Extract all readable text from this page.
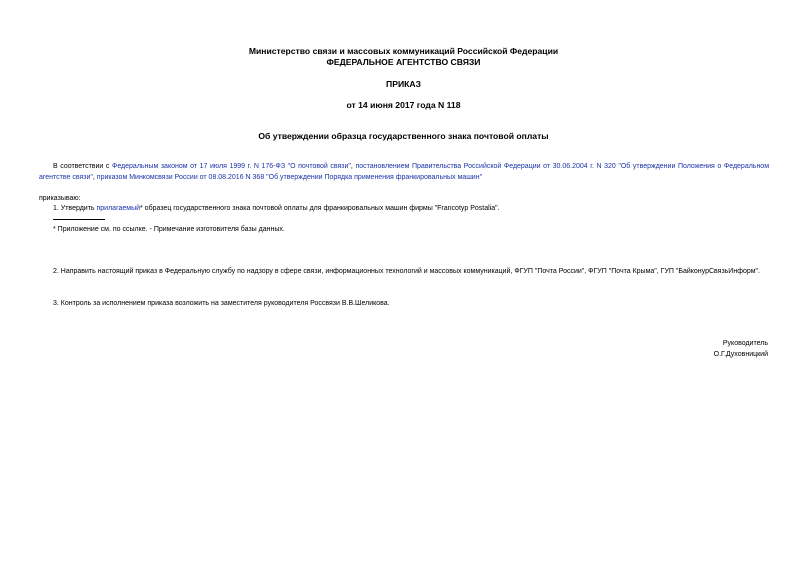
Министерство связи и массовых коммуникаций Российской Федерации
ФЕДЕРАЛЬНОЕ АГЕНТСТВО СВЯЗИ
ПРИКАЗ
от 14 июня 2017 года N 118
Об утверждении образца государственного знака почтовой оплаты
В соответствии с Федеральным законом от 17 июля 1999 г. N 176-ФЗ "О почтовой связи", постановлением Правительства Российской Федерации от 30.06.2004 г. N 320 "Об утверждении Положения о Федеральном агентстве связи", приказом Минкомсвязи России от 08.08.2016 N 368 "Об утверждении Порядка применения франкировальных машин"
приказываю:
1. Утвердить прилагаемый* образец государственного знака почтовой оплаты для франкировальных машин фирмы "Francotyp Postalia".
* Приложение см. по ссылке. - Примечание изготовителя базы данных.
2. Направить настоящий приказ в Федеральную службу по надзору в сфере связи, информационных технологий и массовых коммуникаций, ФГУП "Почта России", ФГУП "Почта Крыма", ГУП "БайконурСвязьИнформ".
3. Контроль за исполнением приказа возложить на заместителя руководителя Россвязи В.В.Шеликова.
Руководитель
О.Г.Духовницкий
